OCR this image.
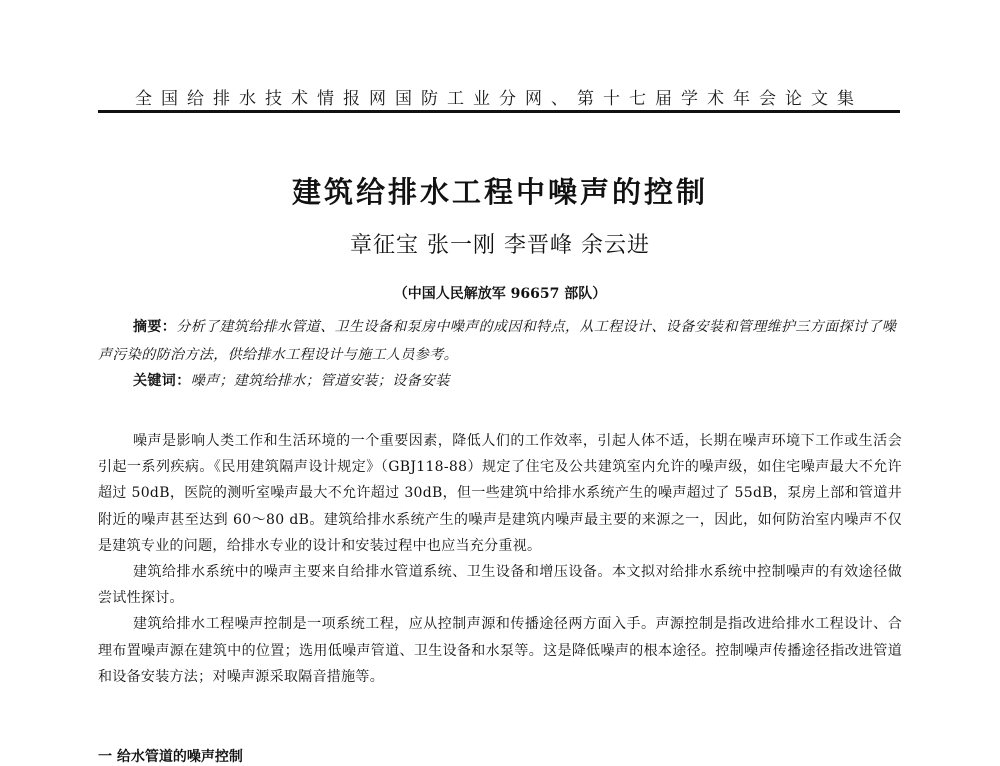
全国给排水技术情报网国防工业分网、第十七届学术年会论文集
建筑给排水工程中噪声的控制
章征宝 张一刚 李晋峰 余云进
（中国人民解放军 96657 部队）
摘要：分析了建筑给排水管道、卫生设备和泵房中噪声的成因和特点，从工程设计、设备安装和管理维护三方面探讨了噪声污染的防治方法，供给排水工程设计与施工人员参考。
关键词：噪声；建筑给排水；管道安装；设备安装

噪声是影响人类工作和生活环境的一个重要因素，降低人们的工作效率，引起人体不适，长期在噪声环境下工作或生活会引起一系列疾病。《民用建筑隔声设计规定》（GBJ118-88）规定了住宅及公共建筑室内允许的噪声级，如住宅噪声最大不允许超过 50dB，医院的测听室噪声最大不允许超过 30dB，但一些建筑中给排水系统产生的噪声超过了 55dB，泵房上部和管道井附近的噪声甚至达到 60～80 dB。建筑给排水系统产生的噪声是建筑内噪声最主要的来源之一，因此，如何防治室内噪声不仅是建筑专业的问题，给排水专业的设计和安装过程中也应当充分重视。

建筑给排水系统中的噪声主要来自给排水管道系统、卫生设备和增压设备。本文拟对给排水系统中控制噪声的有效途径做尝试性探讨。

建筑给排水工程噪声控制是一项系统工程，应从控制声源和传播途径两方面入手。声源控制是指改进给排水工程设计、合理布置噪声源在建筑中的位置；选用低噪声管道、卫生设备和水泵等。这是降低噪声的根本途径。控制噪声传播途径指改进管道和设备安装方法；对噪声源采取隔音措施等。

一 给水管道的噪声控制
